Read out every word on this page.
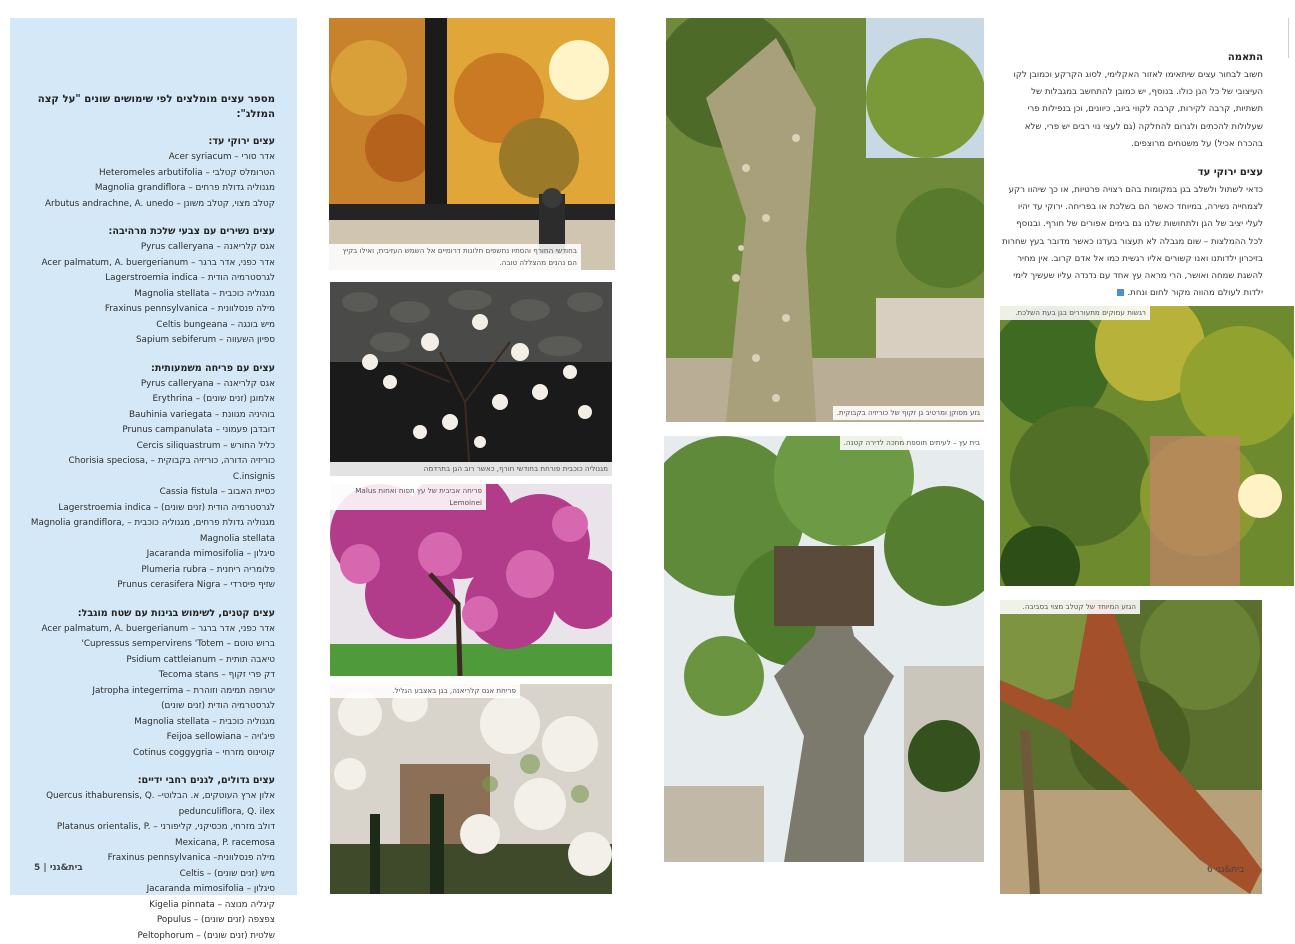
מספר עצים מומלצים לפי שימושים שונים "על קצה המזלג":
עצים ירוקי עד:
אדר סורי – Acer syriacum
הטרומלס קטלבי – Heteromeles arbutifolia
מגנוליה גדולת פרחים – Magnolia grandiflora
קטלב מצוי, קטלב משונן – Arbutus andrachne, A. unedo
עצים נשירים עם צבעי שלכת מרהיבה:
אגס קלריאנה – Pyrus calleryana
אדר כפני, אדר ברגר – Acer palmatum, A. buergerianum
לגרסטרמיה הודית – Lagerstroemia indica
מגנוליה כוכבית – Magnolia stellata
מילה פנסלוונית – Fraxinus pennsylvanica
מיש בונגה – Celtis bungeana
ספיון השעווה – Sapium sebiferum
עצים עם פריחה משמעותית:
אגס קלריאנה – Pyrus calleryana
אלמוגן (זנים שונים) – Erythrina
בוהיניה מגוונת – Bauhinia variegata
דובדבן פעמוני – Prunus campanulata
כליל החורש – Cercis siliquastrum
כוריזיה הדורה, כוריזיה בקבוקית – Chorisia speciosa, C.insignis
כסיית האבוב – Cassia fistula
לגרסטרמיה הודית (זנים שונים) – Lagerstroemia indica
מגנוליה גדולת פרחים, מגנוליה כוכבית – Magnolia grandiflora, Magnolia stellata
סיגלון – Jacaranda mimosifolia
פלומריה ריחנית – Plumeria rubra
שזיף פיסרדי – Prunus cerasifera Nigra
עצים קטנים, לשימוש בגינות עם שטח מוגבל:
אדר כפני, אדר ברגר – Acer palmatum, A. buergerianum
ברוש טוטם – Cupressus sempervirens 'Totem'
טיאבה תותית – Psidium cattleianum
דק פרי זקוף – Tecoma stans
יטרופה תמימה וזוהרת – Jatropha integerrima
לגרסטרמיה הודית (זנים שונים)
מגנוליה כוכבית – Magnolia stellata
פיג'ויה – Feijoa sellowiana
קוטינוס מזרחי – Cotinus coggygria
עצים גדולים, לגנים רחבי ידיים:
אלון ארץ העוטקים, א. הבלוטי– Quercus ithaburensis, Q. pedunculiflora, Q. ilex
דולב מזרחי, מכסיקני, קליפורני – Platanus orientalis, P. Mexicana, P. racemosa
מילה פנסלוונית– Fraxinus pennsylvanica
מיש (זנים שונים) – Celtis
סיגלון – Jacaranda mimosifolia
קיגליה מנוצה – Kigelia pinnata
צפצפה (זנים שונים) – Populus
שלטית (זנים שונים) – Peltophorum
בית&גני | 5
בחודשי החורף והסתיו נחשפים חלונות דרומיים אל השמש העזיבית, ואילו בקיץ הם נהנים מהצללה טובה.
מגנוליה כוכבית פורחת בחודשי חורף, כאשר רוב הגן בתרדמה
פריחה אביבית של עץ תפוח ואחות Malus Lemoinei
פריחת אגס קלריאנה, בגן באצבע הגליל.
גזע מסוקן ומרטיב גן זקוף של כוריזיה בקבוקית.
בית עץ – לעיתים תוספת מחכה לדירה קטנה.
רגשות עמוקים מתעוררים בגן בעת השלכת.
הגזע המיוחד של קטלב מצוי בסביבה.
התאמה

חשוב לבחור עצים שיתאימו לאזור האקלימי, לסוג הקרקע וכמובן לקו העיצובי של כל הגן כולו. בנוסף, יש כמובן להתחשב במגבלות של תשתיות, קרבה לקירות, קרבה לקווי ביוב, כיוונים, וכן בנפילות פרי שעלולות להכתים ולגרום להחלקה (גם לעצי נוי רבים יש פרי, שלא בהכרח אכיל) על משטחים מרוצפים.

עצים ירוקי עד

כדאי לשתול ולשלב בגן במקומות בהם רצויה פרטיות, או כך שיהוו רקע לצמחייה נשירה, במיוחד כאשר הם בשלכת או בפריחה. ירוקי עד יהיו לעלי יציב של הגן ולתחושות שלנו גם בימים אפורים של חורף. ובנוסף לכל ההמלצות – שום מגבלה לא תעצור בעדנו כאשר מדובר בעץ שחרות בזיכרון ילדותנו ואנו קשורים אליו רגשית כמו אל אדם קרוב. אין מחיר להשגת שמחה ואושר, הרי מראה עץ אחד עם נדנדה עליו שעשיך לימי ילדות לעולם מהווה מקור לחום ונחת.

בית&גני 6
